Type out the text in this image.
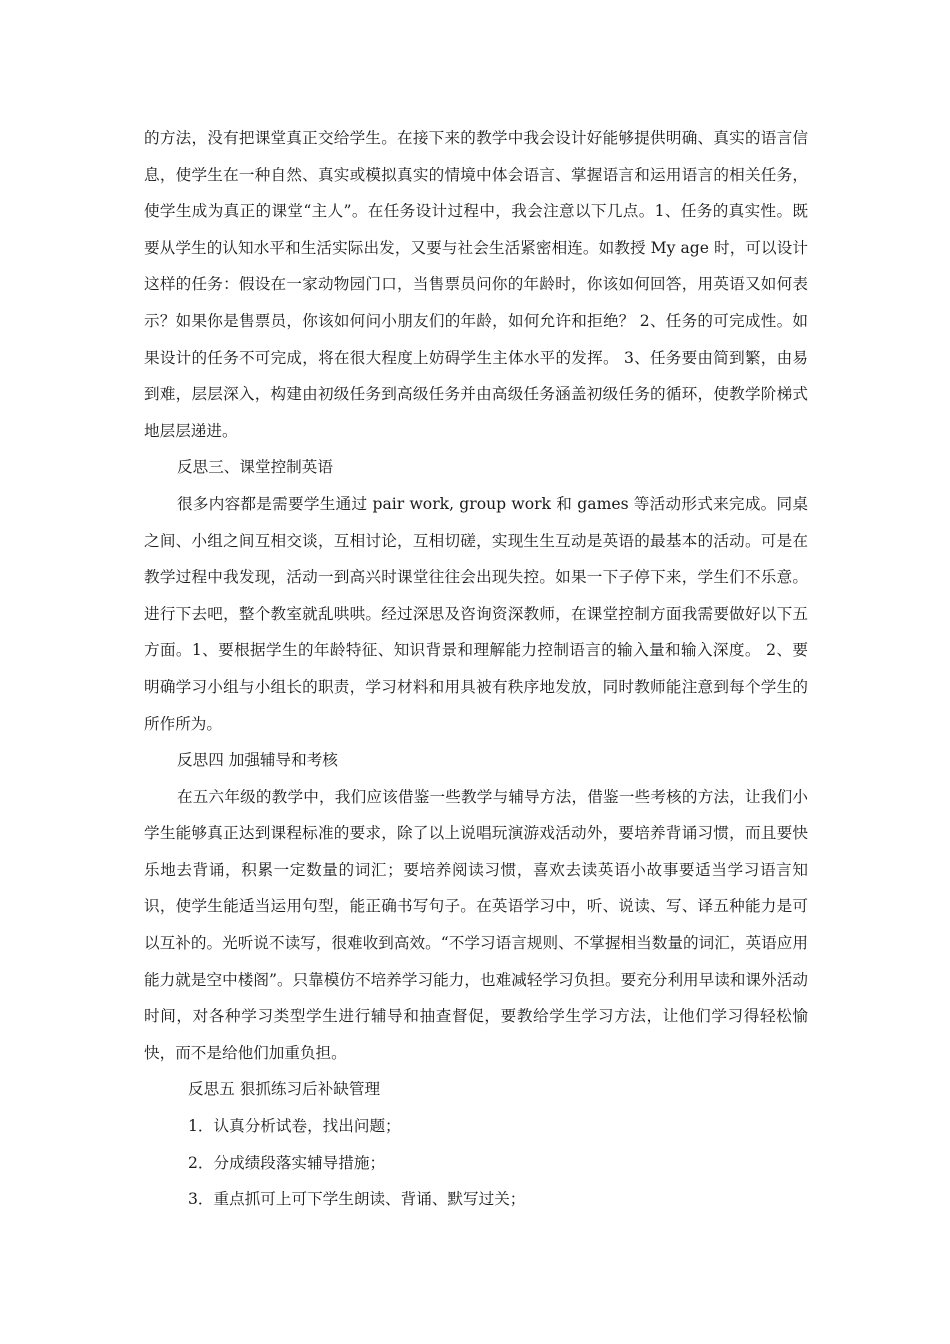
的方法，没有把课堂真正交给学生。在接下来的教学中我会设计好能够提供明确、真实的语言信息，使学生在一种自然、真实或模拟真实的情境中体会语言、掌握语言和运用语言的相关任务，使学生成为真正的课堂“主人”。在任务设计过程中，我会注意以下几点。1、任务的真实性。既要从学生的认知水平和生活实际出发，又要与社会生活紧密相连。如教授 My age 时，可以设计这样的任务：假设在一家动物园门口，当售票员问你的年龄时，你该如何回答，用英语又如何表示？如果你是售票员，你该如何问小朋友们的年龄，如何允许和拒绝？ 2、任务的可完成性。如果设计的任务不可完成，将在很大程度上妨碍学生主体水平的发挥。 3、任务要由简到繁，由易到难，层层深入，构建由初级任务到高级任务并由高级任务涵盖初级任务的循环，使教学阶梯式地层层递进。

反思三、课堂控制英语

很多内容都是需要学生通过 pair work, group work 和 games 等活动形式来完成。同桌之间、小组之间互相交谈，互相讨论，互相切磋，实现生生互动是英语的最基本的活动。可是在教学过程中我发现，活动一到高兴时课堂往往会出现失控。如果一下子停下来，学生们不乐意。进行下去吧，整个教室就乱哄哄。经过深思及咨询资深教师，在课堂控制方面我需要做好以下五方面。1、要根据学生的年龄特征、知识背景和理解能力控制语言的输入量和输入深度。 2、要明确学习小组与小组长的职责，学习材料和用具被有秩序地发放，同时教师能注意到每个学生的所作所为。

反思四 加强辅导和考核

在五六年级的教学中，我们应该借鉴一些教学与辅导方法，借鉴一些考核的方法，让我们小学生能够真正达到课程标准的要求，除了以上说唱玩演游戏活动外，要培养背诵习惯，而且要快乐地去背诵，积累一定数量的词汇；要培养阅读习惯，喜欢去读英语小故事要适当学习语言知识，使学生能适当运用句型，能正确书写句子。在英语学习中，听、说读、写、译五种能力是可以互补的。光听说不读写，很难收到高效。“不学习语言规则、不掌握相当数量的词汇，英语应用能力就是空中楼阁”。只靠模仿不培养学习能力，也难减轻学习负担。要充分利用早读和课外活动时间，对各种学习类型学生进行辅导和抽查督促，要教给学生学习方法，让他们学习得轻松愉快，而不是给他们加重负担。

反思五 狠抓练习后补缺管理

1．认真分析试卷，找出问题；

2．分成绩段落实辅导措施；

3．重点抓可上可下学生朗读、背诵、默写过关；
